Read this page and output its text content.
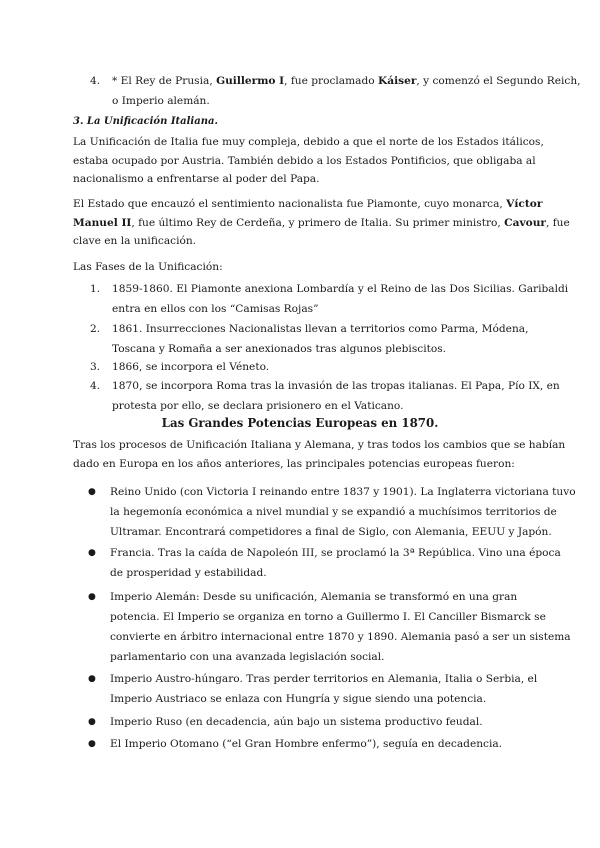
4. * El Rey de Prusia, Guillermo I, fue proclamado Káiser, y comenzó el Segundo Reich,
o Imperio alemán.
3. La Unificación Italiana.
La Unificación de Italia fue muy compleja, debido a que el norte de los Estados itálicos,
estaba ocupado por Austria. También debido a los Estados Pontificios, que obligaba al
nacionalismo a enfrentarse al poder del Papa.
El Estado que encauzó el sentimiento nacionalista fue Piamonte, cuyo monarca, Víctor
Manuel II, fue último Rey de Cerdeña, y primero de Italia. Su primer ministro, Cavour, fue
clave en la unificación.
Las Fases de la Unificación:
1. 1859-1860. El Piamonte anexiona Lombardía y el Reino de las Dos Sicilias. Garibaldi
entra en ellos con los “Camisas Rojas”
2. 1861. Insurrecciones Nacionalistas llevan a territorios como Parma, Módena,
Toscana y Romaña a ser anexionados tras algunos plebiscitos.
3. 1866, se incorpora el Véneto.
4. 1870, se incorpora Roma tras la invasión de las tropas italianas. El Papa, Pío IX, en
protesta por ello, se declara prisionero en el Vaticano.
Las Grandes Potencias Europeas en 1870.
Tras los procesos de Unificación Italiana y Alemana, y tras todos los cambios que se habían
dado en Europa en los años anteriores, las principales potencias europeas fueron:
● Reino Unido (con Victoria I reinando entre 1837 y 1901). La Inglaterra victoriana tuvo
la hegemonía económica a nivel mundial y se expandió a muchísimos territorios de
Ultramar. Encontrará competidores a final de Siglo, con Alemania, EEUU y Japón.
● Francia. Tras la caída de Napoleón III, se proclamó la 3ª República. Vino una época
de prosperidad y estabilidad.
● Imperio Alemán: Desde su unificación, Alemania se transformó en una gran
potencia. El Imperio se organiza en torno a Guillermo I. El Canciller Bismarck se
convierte en árbitro internacional entre 1870 y 1890. Alemania pasó a ser un sistema
parlamentario con una avanzada legislación social.
● Imperio Austro-húngaro. Tras perder territorios en Alemania, Italia o Serbia, el
Imperio Austriaco se enlaza con Hungría y sigue siendo una potencia.
● Imperio Ruso (en decadencia, aún bajo un sistema productivo feudal.
● El Imperio Otomano (“el Gran Hombre enfermo”), seguía en decadencia.
